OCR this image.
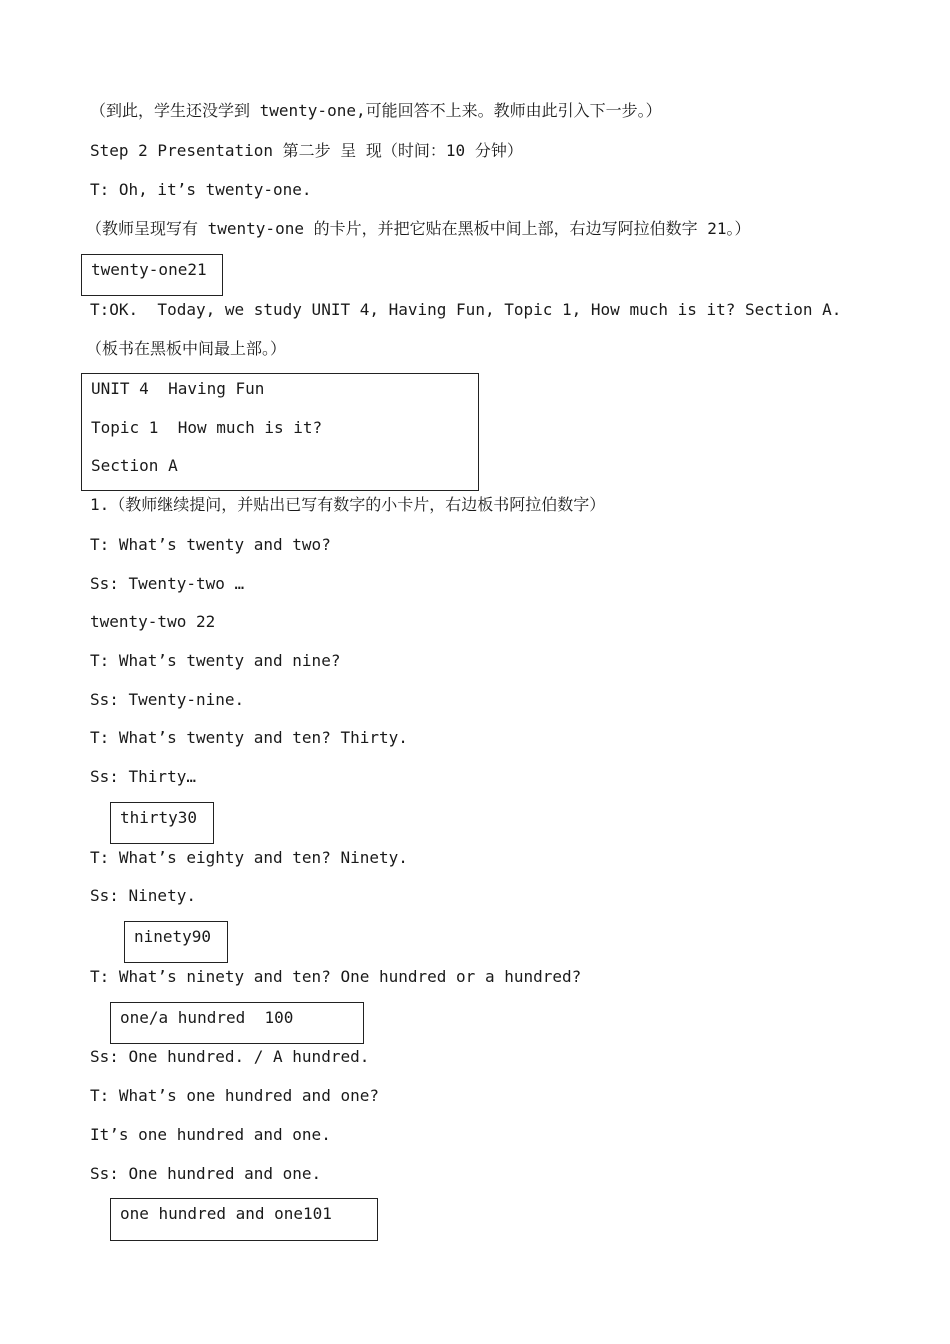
（到此，学生还没学到 twenty-one,可能回答不上来。教师由此引入下一步。）
Step 2 Presentation 第二步 呈 现（时间：10 分钟）
T: Oh, it’s twenty-one.
（教师呈现写有 twenty-one 的卡片，并把它贴在黑板中间上部，右边写阿拉伯数字 21。）
twenty-one21
T:OK.  Today, we study UNIT 4, Having Fun, Topic 1, How much is it? Section A.
（板书在黑板中间最上部。）
UNIT 4  Having Fun
Topic 1  How much is it?
Section A
1.（教师继续提问，并贴出已写有数字的小卡片，右边板书阿拉伯数字）
T: What’s twenty and two?
Ss: Twenty-two …
twenty-two 22
T: What’s twenty and nine?
Ss: Twenty-nine.
T: What’s twenty and ten? Thirty.
Ss: Thirty…
thirty30
T: What’s eighty and ten? Ninety.
Ss: Ninety.
ninety90
T: What’s ninety and ten? One hundred or a hundred?
one/a hundred  100
Ss: One hundred. / A hundred.
T: What’s one hundred and one?
It’s one hundred and one.
Ss: One hundred and one.
one hundred and one101
